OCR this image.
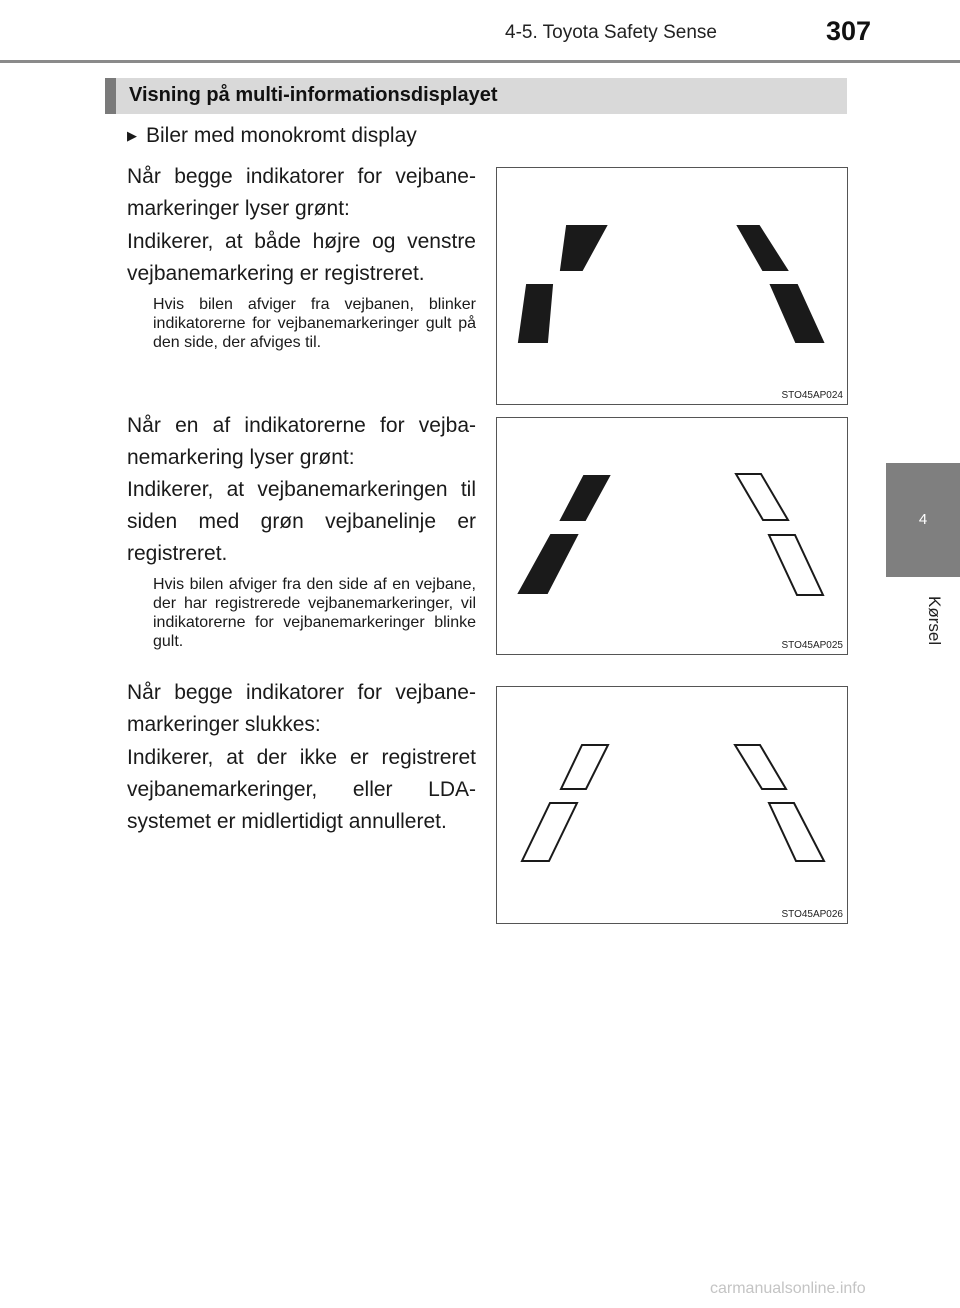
4-5. Toyota Safety Sense	307
4
Kørsel
Visning på multi-informationsdisplayet
▶ Biler med monokromt display
Når begge indikatorer for vejbanemarkeringer lyser grønt:
Indikerer, at både højre og venstre vejbanemarkering er registreret.
Hvis bilen afviger fra vejbanen, blinker indikatorerne for vejbanemarkeringer gult på den side, der afviges til.
Når en af indikatorerne for vejbanemarkering lyser grønt:
Indikerer, at vejbanemarkeringen til siden med grøn vejbanelinje er registreret.
Hvis bilen afviger fra den side af en vejbane, der har registrerede vejbanemarkeringer, vil indikatorerne for vejbanemarkeringer blinke gult.
Når begge indikatorer for vejbanemarkeringer slukkes:
Indikerer, at der ikke er registreret vejbanemarkeringer, eller LDA-systemet er midlertidigt annulleret.
STO45AP024
STO45AP025
STO45AP026
carmanualsonline.info
